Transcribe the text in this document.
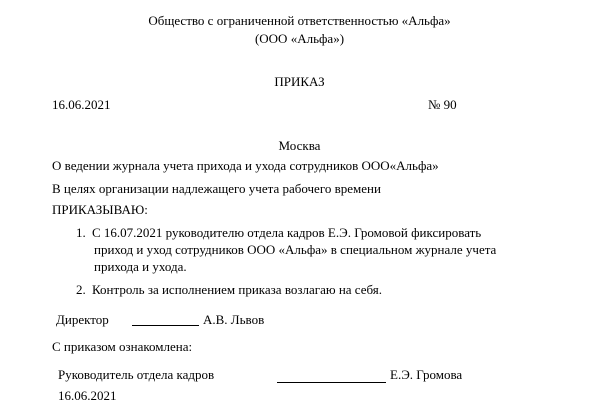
Общество с ограниченной ответственностью «Альфа»
(ООО «Альфа»)
ПРИКАЗ
16.06.2021	№ 90
Москва
О ведении журнала учета прихода и ухода сотрудников ООО«Альфа»
В целях организации надлежащего учета рабочего времени
ПРИКАЗЫВАЮ:
1. С 16.07.2021 руководителю отдела кадров Е.Э. Громовой фиксировать
приход и уход сотрудников ООО «Альфа» в специальном журнале учета
прихода и ухода.
2. Контроль за исполнением приказа возлагаю на себя.
Директор	А.В. Львов
С приказом ознакомлена:
Руководитель отдела кадров	Е.Э. Громова
16.06.2021
